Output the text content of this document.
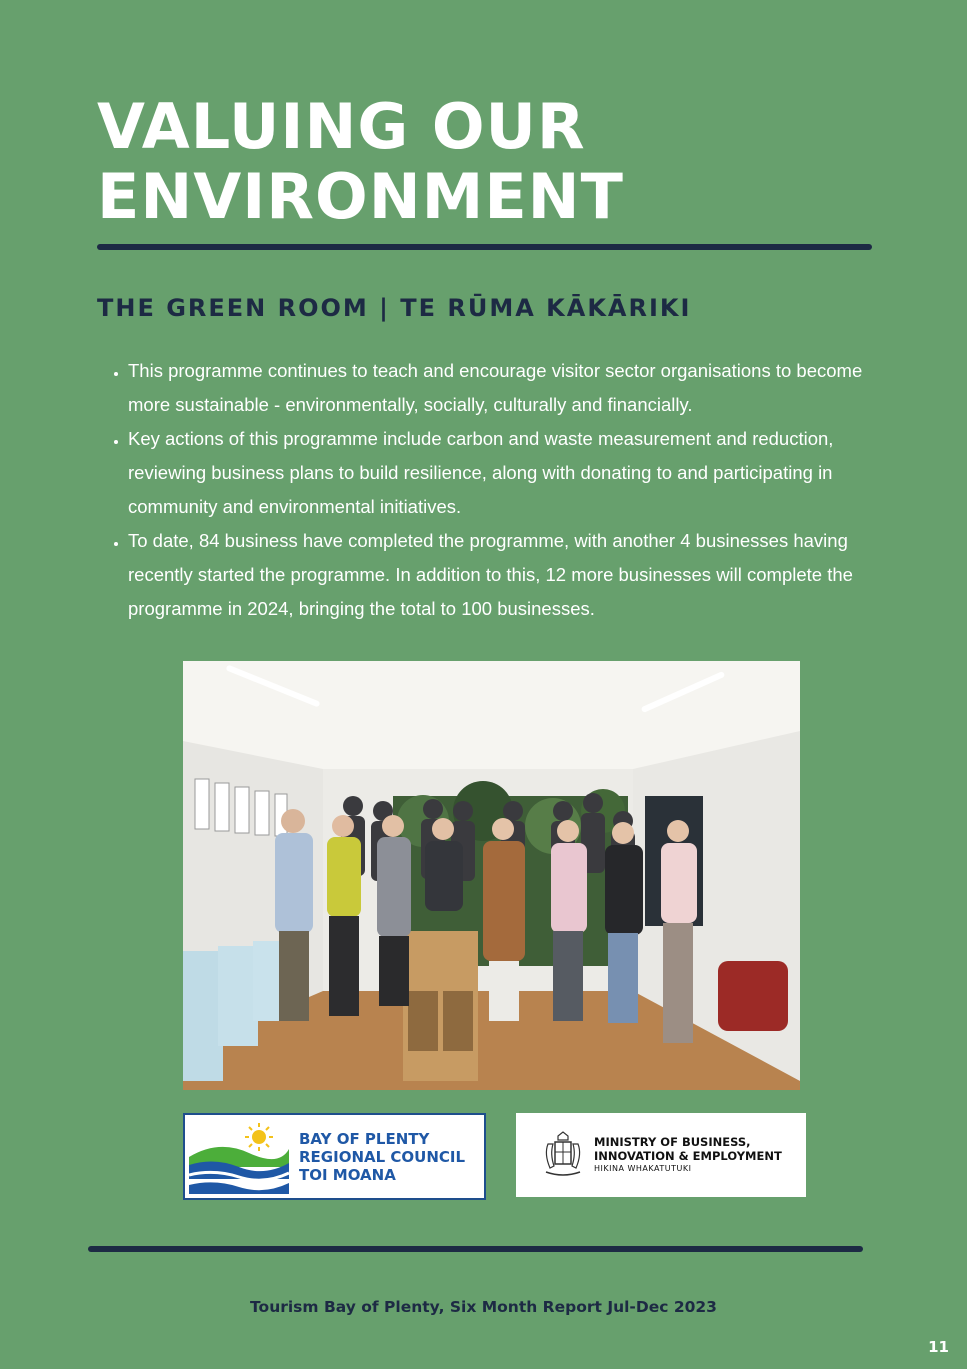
VALUING OUR
ENVIRONMENT
THE GREEN ROOM | TE RŪMA KĀKĀRIKI
• This programme continues to teach and encourage visitor sector organisations to become more sustainable - environmentally, socially, culturally and financially.
• Key actions of this programme include carbon and waste measurement and reduction, reviewing business plans to build resilience, along with donating to and participating in community and environmental initiatives.
• To date, 84 business have completed the programme, with another 4 businesses having recently started the programme. In addition to this, 12 more businesses will complete the programme in 2024, bringing the total to 100 businesses.
BAY OF PLENTY
REGIONAL COUNCIL
TOI MOANA
MINISTRY OF BUSINESS,
INNOVATION & EMPLOYMENT
HIKINA WHAKATUTUKI

Tourism Bay of Plenty, Six Month Report Jul-Dec 2023

11
